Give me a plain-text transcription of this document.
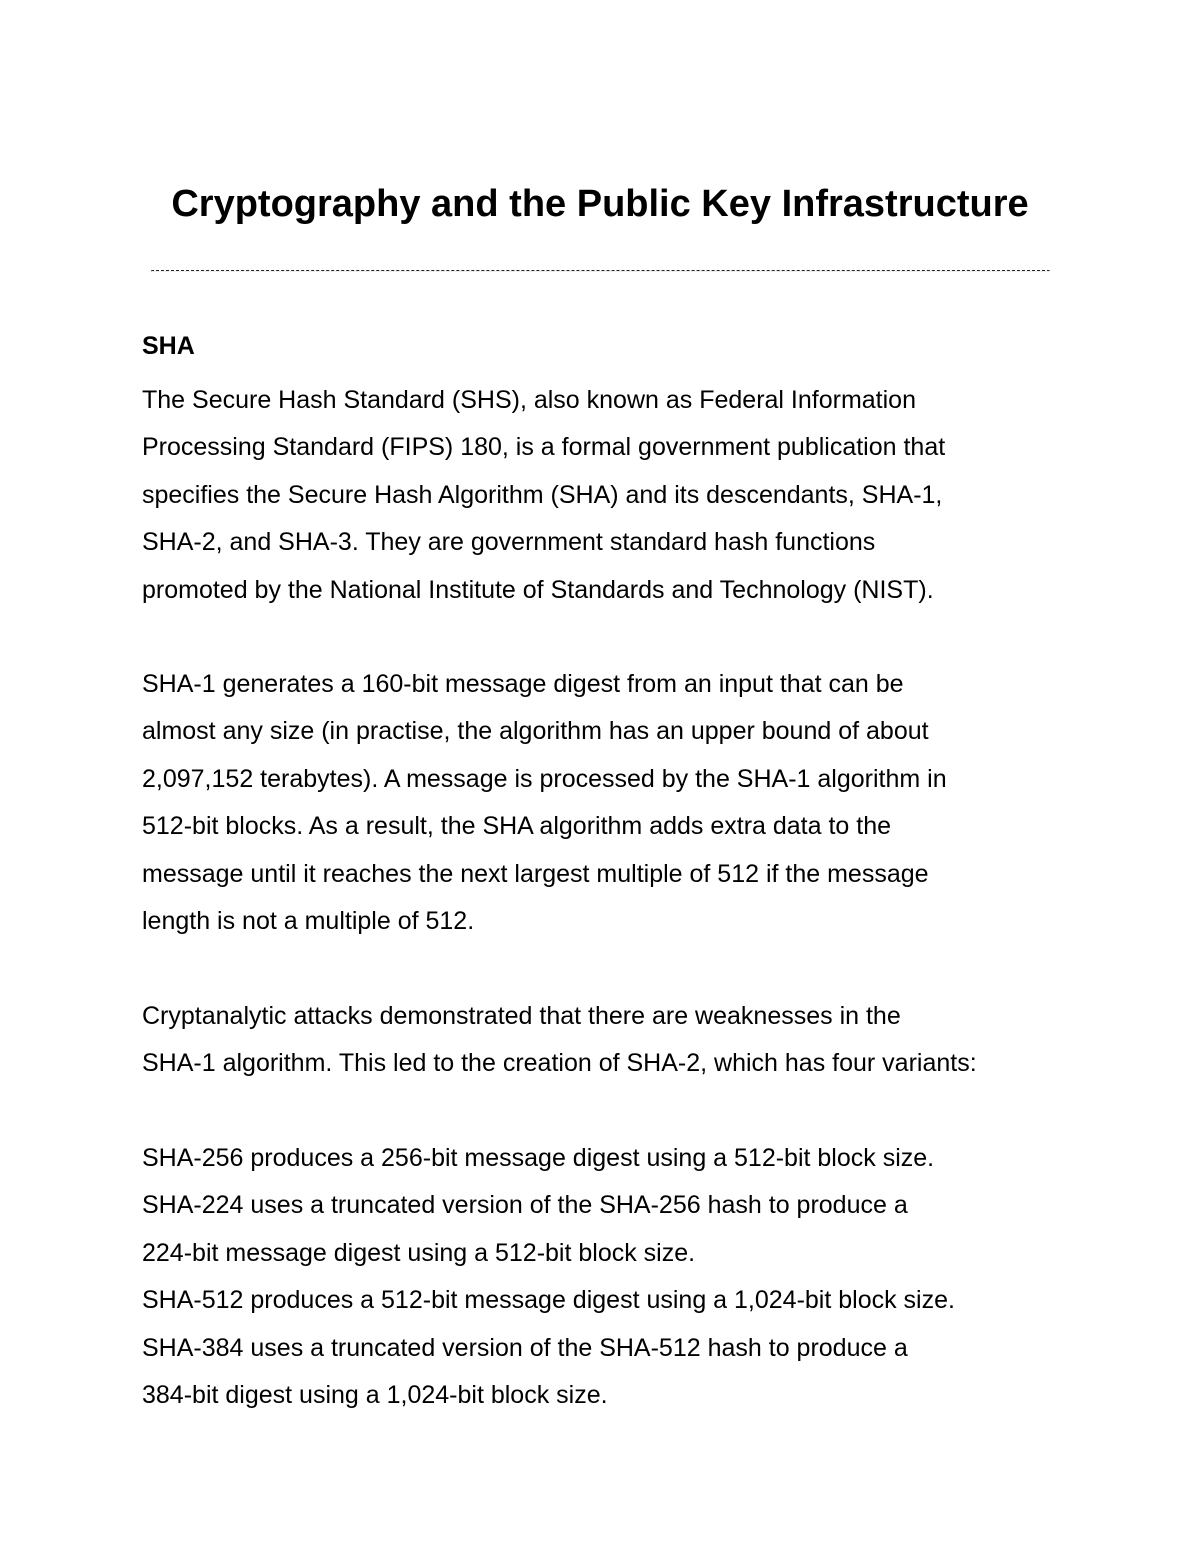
Cryptography and the Public Key Infrastructure
SHA

The Secure Hash Standard (SHS), also known as Federal Information
Processing Standard (FIPS) 180, is a formal government publication that
specifies the Secure Hash Algorithm (SHA) and its descendants, SHA-1,
SHA-2, and SHA-3. They are government standard hash functions
promoted by the National Institute of Standards and Technology (NIST).

SHA-1 generates a 160-bit message digest from an input that can be
almost any size (in practise, the algorithm has an upper bound of about
2,097,152 terabytes). A message is processed by the SHA-1 algorithm in
512-bit blocks. As a result, the SHA algorithm adds extra data to the
message until it reaches the next largest multiple of 512 if the message
length is not a multiple of 512.

Cryptanalytic attacks demonstrated that there are weaknesses in the
SHA-1 algorithm. This led to the creation of SHA-2, which has four variants:

SHA-256 produces a 256-bit message digest using a 512-bit block size.
SHA-224 uses a truncated version of the SHA-256 hash to produce a
224-bit message digest using a 512-bit block size.
SHA-512 produces a 512-bit message digest using a 1,024-bit block size.
SHA-384 uses a truncated version of the SHA-512 hash to produce a
384-bit digest using a 1,024-bit block size.
